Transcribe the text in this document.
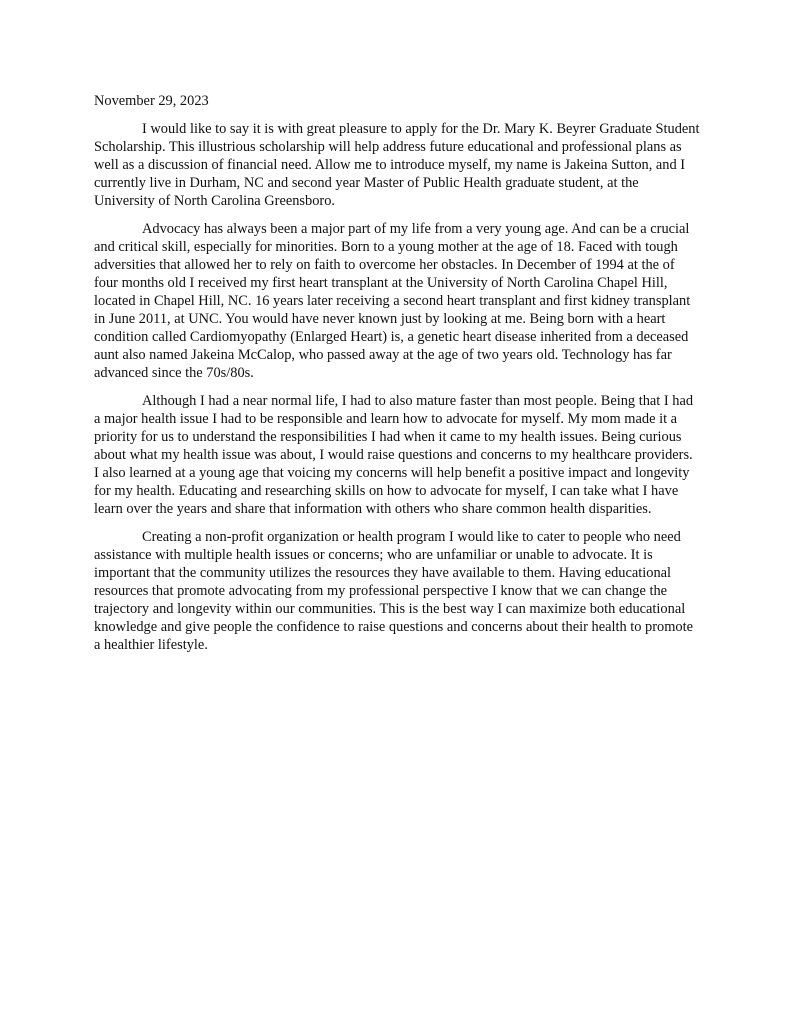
November 29, 2023

I would like to say it is with great pleasure to apply for the Dr. Mary K. Beyrer Graduate Student Scholarship. This illustrious scholarship will help address future educational and professional plans as well as a discussion of financial need. Allow me to introduce myself, my name is Jakeina Sutton, and I currently live in Durham, NC and second year Master of Public Health graduate student, at the University of North Carolina Greensboro.

Advocacy has always been a major part of my life from a very young age. And can be a crucial and critical skill, especially for minorities. Born to a young mother at the age of 18. Faced with tough adversities that allowed her to rely on faith to overcome her obstacles. In December of 1994 at the of four months old I received my first heart transplant at the University of North Carolina Chapel Hill, located in Chapel Hill, NC. 16 years later receiving a second heart transplant and first kidney transplant in June 2011, at UNC. You would have never known just by looking at me. Being born with a heart condition called Cardiomyopathy (Enlarged Heart) is, a genetic heart disease inherited from a deceased aunt also named Jakeina McCalop, who passed away at the age of two years old. Technology has far advanced since the 70s/80s.

Although I had a near normal life, I had to also mature faster than most people. Being that I had a major health issue I had to be responsible and learn how to advocate for myself. My mom made it a priority for us to understand the responsibilities I had when it came to my health issues. Being curious about what my health issue was about, I would raise questions and concerns to my healthcare providers. I also learned at a young age that voicing my concerns will help benefit a positive impact and longevity for my health. Educating and researching skills on how to advocate for myself, I can take what I have learn over the years and share that information with others who share common health disparities.

Creating a non-profit organization or health program I would like to cater to people who need assistance with multiple health issues or concerns; who are unfamiliar or unable to advocate. It is important that the community utilizes the resources they have available to them. Having educational resources that promote advocating from my professional perspective I know that we can change the trajectory and longevity within our communities. This is the best way I can maximize both educational knowledge and give people the confidence to raise questions and concerns about their health to promote a healthier lifestyle.
